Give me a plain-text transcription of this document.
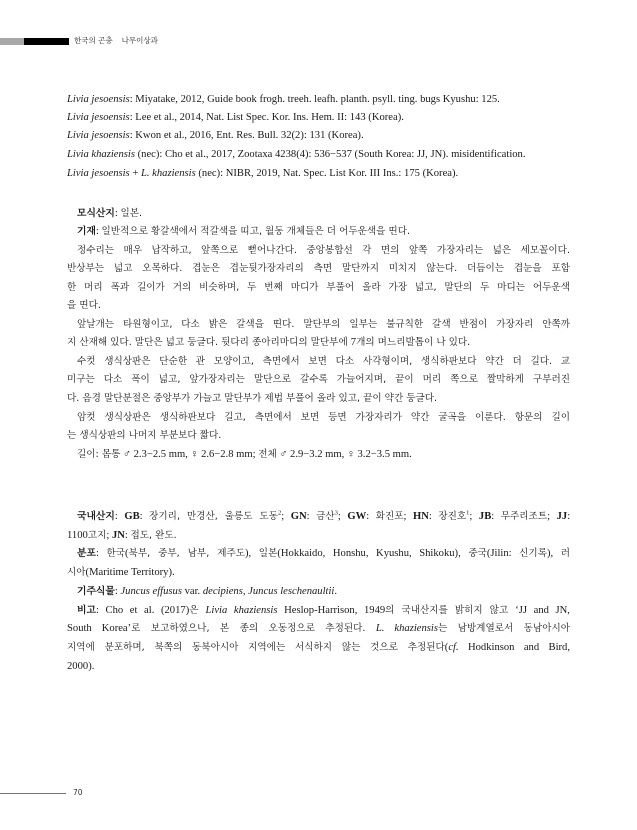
한국의 곤충 나무이상과
Livia jesoensis: Miyatake, 2012, Guide book frogh. treeh. leafh. planth. psyll. ting. bugs Kyushu: 125.
Livia jesoensis: Lee et al., 2014, Nat. List Spec. Kor. Ins. Hem. II: 143 (Korea).
Livia jesoensis: Kwon et al., 2016, Ent. Res. Bull. 32(2): 131 (Korea).
Livia khaziensis (nec): Cho et al., 2017, Zootaxa 4238(4): 536−537 (South Korea: JJ, JN). misidentification.
Livia jesoensis + L. khaziensis (nec): NIBR, 2019, Nat. Spec. List Kor. III Ins.: 175 (Korea).
모식산지: 일본.
기재: 일반적으로 황갈색에서 적갈색을 띠고, 월동 개체들은 더 어두운색을 띤다.
정수리는 매우 납작하고, 앞쪽으로 뻗어나간다. 중앙봉합선 각 면의 앞쪽 가장자리는 넓은 세모꼴이다.
반상부는 넓고 오목하다. 겹눈은 겹눈뒷가장자리의 측면 말단까지 미치지 않는다. 더듬이는 겹눈을 포함
한 머리 폭과 길이가 거의 비슷하며, 두 번째 마디가 부풀어 올라 가장 넓고, 말단의 두 마디는 어두운색
을 띤다.
앞날개는 타원형이고, 다소 밝은 갈색을 띤다. 말단부의 일부는 불규칙한 갈색 반점이 가장자리 안쪽까
지 산재해 있다. 말단은 넓고 둥글다. 뒷다리 종아리마디의 말단부에 7개의 며느리발톱이 나 있다.
수컷 생식상판은 단순한 관 모양이고, 측면에서 보면 다소 사각형이며, 생식하판보다 약간 더 길다. 교
미구는 다소 폭이 넓고, 앞가장자리는 말단으로 갈수록 가늘어지며, 끝이 머리 쪽으로 짤막하게 구부러진
다. 음경 말단분절은 중앙부가 가늘고 말단부가 제법 부풀어 올라 있고, 끝이 약간 둥글다.
암컷 생식상판은 생식하판보다 길고, 측면에서 보면 등면 가장자리가 약간 굴곡을 이룬다. 항문의 길이
는 생식상판의 나머지 부분보다 짧다.
길이: 몸통 ♂ 2.3−2.5 mm, ♀ 2.6−2.8 mm; 전체 ♂ 2.9−3.2 mm, ♀ 3.2−3.5 mm.
국내산지: GB: 장기리, 만경산, 울릉도 도동$^2$; GN: 금산$^3$; GW: 화진포; HN: 장진호$^1$; JB: 무주리조트; JJ:
1100고지; JN: 접도, 완도.
분포: 한국(북부, 중부, 남부, 제주도), 일본(Hokkaido, Honshu, Kyushu, Shikoku), 중국(Jilin: 신기록), 러
시아(Maritime Territory).
기주식물: Juncus effusus var. decipiens, Juncus leschenaultii.
비고: Cho et al. (2017)은 Livia khaziensis Heslop-Harrison, 1949의 국내산지를 밝히지 않고 ‘JJ and JN,
South Korea’로 보고하였으나, 본 종의 오동정으로 추정된다. L. khaziensis는 남방계열로서 동남아시아
지역에 분포하며, 북쪽의 동북아시아 지역에는 서식하지 않는 것으로 추정된다(cf. Hodkinson and Bird,
2000).
70
